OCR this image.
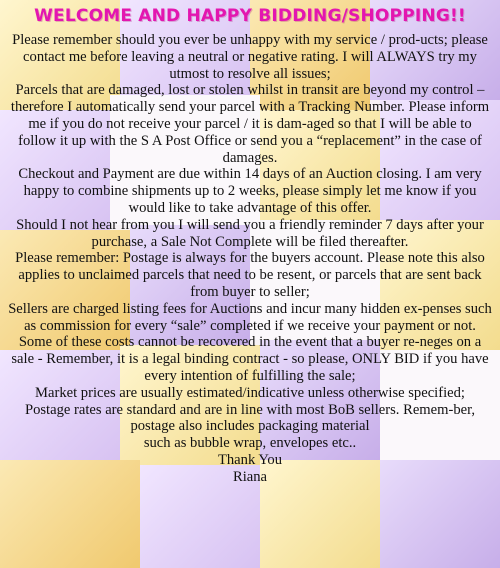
WELCOME AND HAPPY BIDDING/SHOPPING!!

Please remember should you ever be unhappy with my service / prod-ucts; please contact me before leaving a neutral or negative rating. I will ALWAYS try my utmost to resolve all issues;

Parcels that are damaged, lost or stolen whilst in transit are beyond my control – therefore I automatically send your parcel with a Tracking Number. Please inform me if you do not receive your parcel / it is dam-aged so that I will be able to follow it up with the S A Post Office or send you a “replacement” in the case of damages.

Checkout and Payment are due within 14 days of an Auction closing. I am very happy to combine shipments up to 2 weeks, please simply let me know if you would like to take advantage of this offer.

Should I not hear from you I will send you a friendly reminder 7 days after your purchase, a Sale Not Complete will be filed thereafter.

Please remember: Postage is always for the buyers account. Please note this also applies to unclaimed parcels that need to be resent, or parcels that are sent back from buyer to seller;

Sellers are charged listing fees for Auctions and incur many hidden ex-penses such as commission for every “sale” completed if we receive your payment or not.

Some of these costs cannot be recovered in the event that a buyer re-neges on a sale - Remember, it is a legal binding contract - so please, ONLY BID if you have every intention of fulfilling the sale;

Market prices are usually estimated/indicative unless otherwise specified;

Postage rates are standard and are in line with most BoB sellers. Remem-ber, postage also includes packaging material

such as bubble wrap, envelopes etc..

Thank You

Riana
